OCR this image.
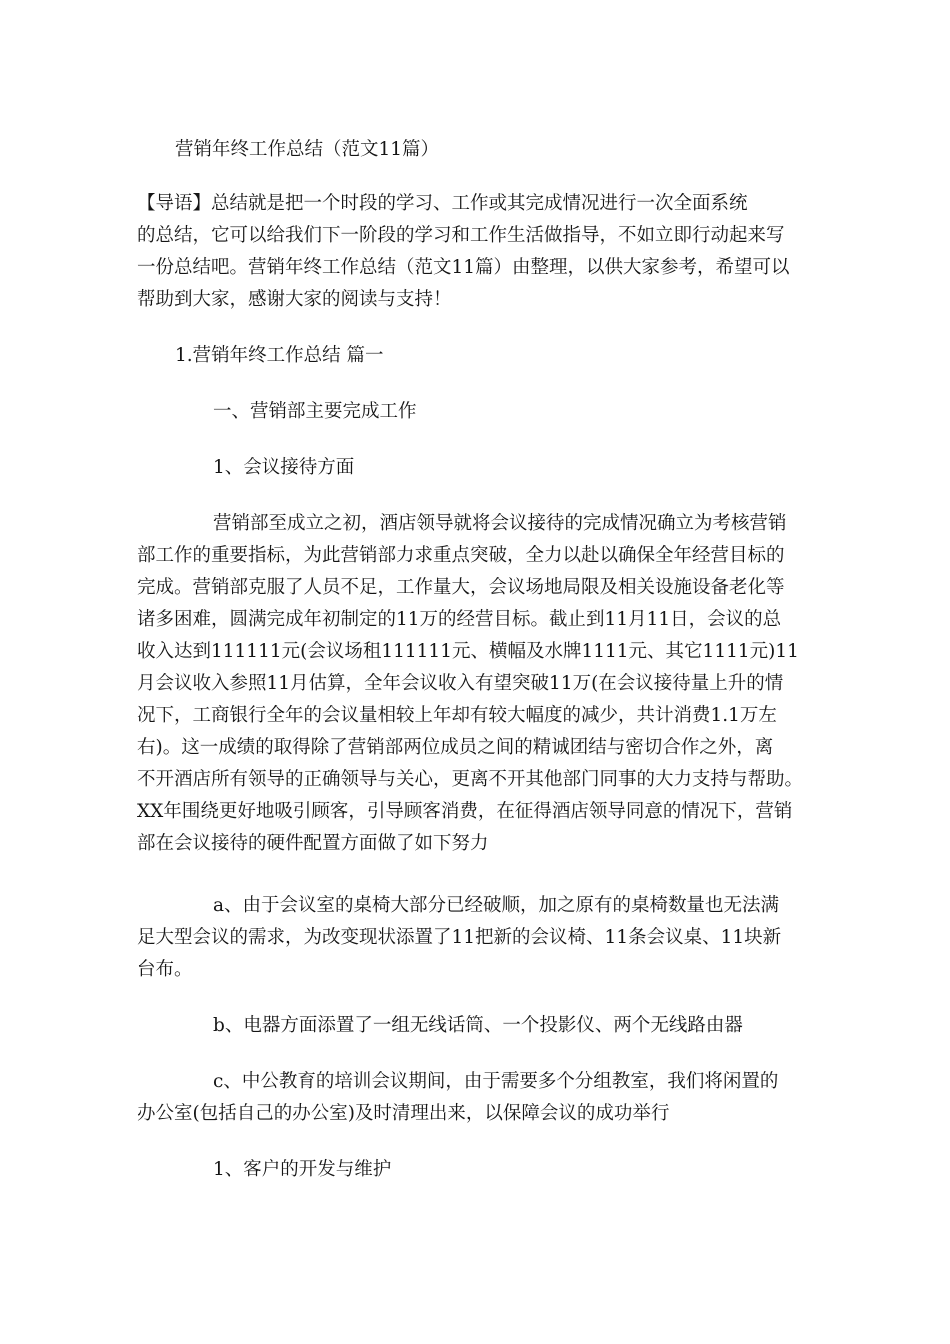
营销年终工作总结（范文11篇）
【导语】总结就是把一个时段的学习、工作或其完成情况进行一次全面系统
的总结，它可以给我们下一阶段的学习和工作生活做指导，不如立即行动起来写
一份总结吧。营销年终工作总结（范文11篇）由整理，以供大家参考，希望可以
帮助到大家，感谢大家的阅读与支持！
1.营销年终工作总结 篇一
一、营销部主要完成工作
1、会议接待方面
营销部至成立之初，酒店领导就将会议接待的完成情况确立为考核营销
部工作的重要指标，为此营销部力求重点突破，全力以赴以确保全年经营目标的
完成。营销部克服了人员不足，工作量大，会议场地局限及相关设施设备老化等
诸多困难，圆满完成年初制定的11万的经营目标。截止到11月11日，会议的总
收入达到111111元(会议场租111111元、横幅及水牌1111元、其它1111元)11
月会议收入参照11月估算，全年会议收入有望突破11万(在会议接待量上升的情
况下，工商银行全年的会议量相较上年却有较大幅度的减少，共计消费1.1万左
右)。这一成绩的取得除了营销部两位成员之间的精诚团结与密切合作之外，离
不开酒店所有领导的正确领导与关心，更离不开其他部门同事的大力支持与帮助。
XX年围绕更好地吸引顾客，引导顾客消费，在征得酒店领导同意的情况下，营销
部在会议接待的硬件配置方面做了如下努力
a、由于会议室的桌椅大部分已经破顺，加之原有的桌椅数量也无法满
足大型会议的需求，为改变现状添置了11把新的会议椅、11条会议桌、11块新
台布。
b、电器方面添置了一组无线话筒、一个投影仪、两个无线路由器
c、中公教育的培训会议期间，由于需要多个分组教室，我们将闲置的
办公室(包括自己的办公室)及时清理出来，以保障会议的成功举行
1、客户的开发与维护
